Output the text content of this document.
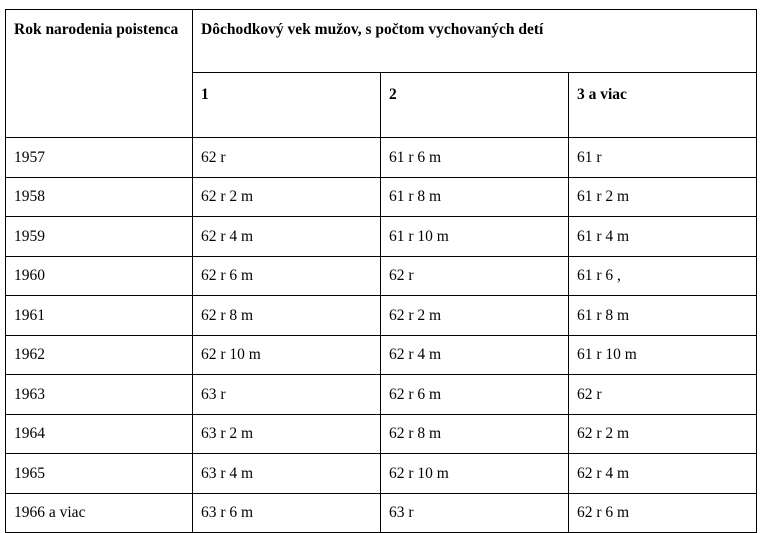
Rok narodenia poistenca	Dôchodkový vek mužov, s počtom vychovaných detí		
	1	2	3 a viac
1957	62 r	61 r 6 m	61 r
1958	62 r 2 m	61 r 8 m	61 r 2 m
1959	62 r 4 m	61 r 10 m	61 r 4 m
1960	62 r 6 m	62 r	61 r 6 ,
1961	62 r 8 m	62 r 2 m	61 r 8 m
1962	62 r 10 m	62 r 4 m	61 r 10 m
1963	63 r	62 r 6 m	62 r
1964	63 r 2 m	62 r 8 m	62 r 2 m
1965	63 r 4 m	62 r 10 m	62 r 4 m
1966 a viac	63 r 6 m	63 r	62 r 6 m
